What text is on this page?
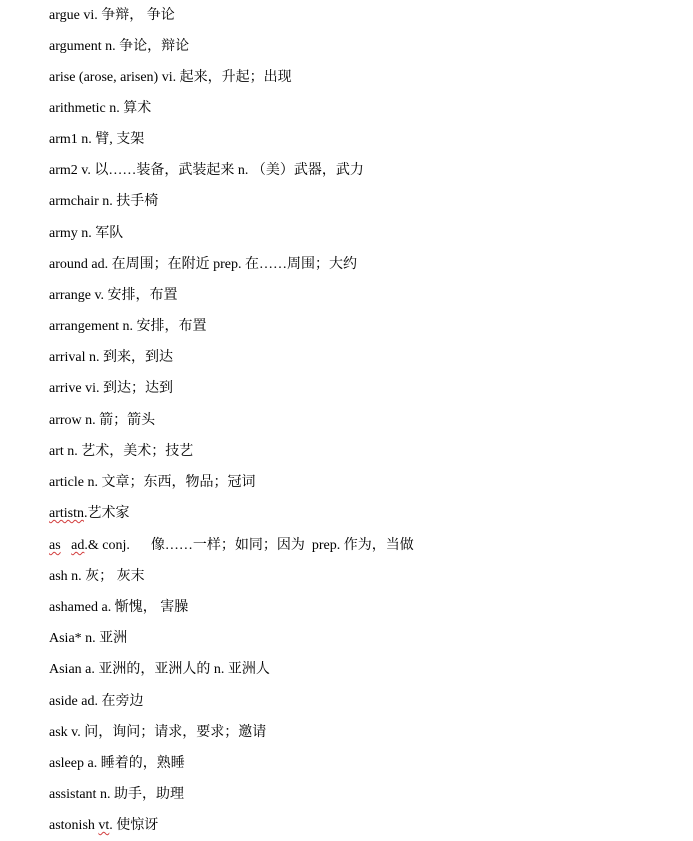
argue vi. 争辩， 争论
argument n. 争论，辩论
arise (arose, arisen) vi. 起来，升起；出现
arithmetic n. 算术
arm1 n. 臂, 支架
arm2 v. 以……装备，武装起来 n. （美）武器，武力
armchair n. 扶手椅
army n. 军队
around ad. 在周围；在附近 prep. 在……周围；大约
arrange v. 安排，布置
arrangement n. 安排，布置
arrival n. 到来，到达
arrive vi. 到达；达到
arrow n. 箭；箭头
art n. 艺术，美术；技艺
article n. 文章；东西，物品；冠词
artistn.艺术家
as ad.& conj.      像……一样；如同；因为  prep. 作为，当做
ash n. 灰； 灰末
ashamed a. 惭愧， 害臊
Asia* n. 亚洲
Asian a. 亚洲的，亚洲人的 n. 亚洲人
aside ad. 在旁边
ask v. 问，询问；请求，要求；邀请
asleep a. 睡着的，熟睡
assistant n. 助手，助理
astonish vt. 使惊讶
